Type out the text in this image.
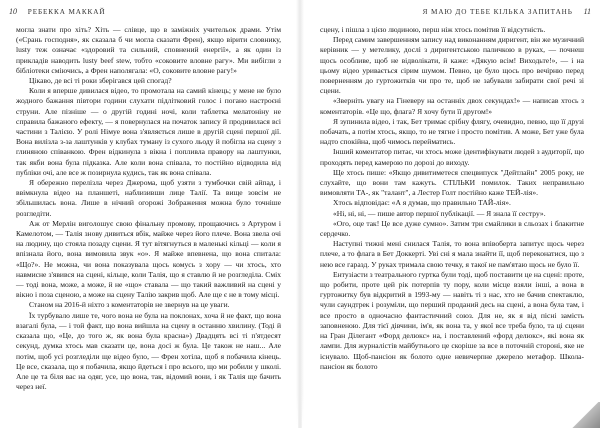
10 РЕБЕККА МАККАЙ

могла знати про хіть? Хіть — слівце, що в заміжніх учительок драми. Утім («Срань господня», як сказала б чи могла сказати Френ), якщо вірити словнику, lusty теж означає «здоровий та сильний, сповнений енергії», а як один із прикладів наводить lusty beef stew, тобто «соковите вловне рагу». Ми вибігли з бібліотеки сміючись, а Френ наполягала: «О, соковите вловне рагу!»

Цікаво, де всі ті роки зберігався цей спогад?

Коли я вперше дивилася відео, то промотала на самий кінець; у мене не було жодного бажання півтори години слухати підлітковий голос і погано настроєні струни. Але пізніше — о другій годині ночі, коли таблетка мелатоніну не справила бажаного ефекту, — я повернулася на початок запису й продивилася всі частини з Талією. У ролі Німуе вона з'являється лише в другій сцені першої дії. Вона вилізла з-за лаштунків у клубах туману із сухого льоду й побігла на сцену з глиняною співанкою. Френ відкинула з вікна і попливла правору на лаштунки, так якби вона була підказка. Але коли вона співала, то постійно відводила від публіки очі, але все ж позирнула кудись, так як вона співала.

Я обережно перелізла через Джерома, щоб узяти з тумбочки свій айпад, і ввімкнула відео на планшеті, наблизивши лице Талії. Та вище зовсім не збільшилась вона. Лише в нічний огорожі Зображення можна було точніше розгледіти.

Аж от Мерлін виголошує свою фінальну промову, прощаючись з Артуром і Камелотом, — Талія знову дивиться вбік, майже через його плече. Вона звела очі на людину, що стояла позаду сцени. Я тут вітягнуться в маленькі кільці — коли я впізнала його, вона вимовила звук «о». Я майже впевнена, що вона спитала: «Що?». Не можна, чи вона показувала щось комусь з хору — чи хтось, хто навмисне з'явився на сцені, кільце, коли Талія, що я ставлю й не розгледіла. Сміх — тоді вона, може, а може, й не «що» ставала — що такий важливий на сцені у вікно і поза сценою, а може на сцену Талію закрив щоб. Але ще є не в тому місці.

Станом на 2016-й ніхто з коментаторів не звернув на це уваги.

Їх турбувало лише те, чого вона не була на поклонах, хоча й не факт, що вона взагалі була, — і той факт, що вона вийшла на сцену в останню хвилину. (Тоді й сказала що, «Це, до того ж, як вона була красна») Двадцять всі ті п'ятдесят секунд, думка хтось мав сказати це, вона досі ж була. Це також не наш... Але потім, щоб усі розгледіли ще відео було, — Френ хотіла, щоб я побачила кінець. Це все, сказала, що я побачила, якщо йдеться і про всього, що ми робили у школі. Але це та біля вас на одяг, усе, що вона, так, відомий вони, і як Талія ще бачить через неї.

Я МАЮ ДО ТЕБЕ КІЛЬКА ЗАПИТАНЬ 11

сцену, і пішла з цією людиною, перш ніж хтось помітив її відсутність.

Перед самим завершенням запису над виконанням диригент, він же музичний керівник — у метелику, дослі з диригентською паличкою в руках, — почнеш щось особливе, щоб не відволікати, й каже: «Дякую всім! Виходьте!», — і на цьому відео уривається сірим шумом. Певно, це було щось про вечірню перед поверненням до гуртожитків чи про те, щоб не забували забирати свої речі зі сцени.

«Зверніть увагу на Гіневеру на останніх двох секундах!» — написав хтось з коментаторів. «Це що, флага? Я хочу бути її другом!»

Я зупинила відео, і так, Бет тримає срібну флягу, очевидно, певно, що її друзі побачать, а потім хтось, якщо, то не тягне і просто помітив. А може, Бет уже була надто спокійна, щоб чимось перейматись.

Інший коментатор питає, чи хтось може ідентифікувати людей з аудиторії, що проходять перед камерою по дорозі до виходу.

Ще хтось пише: «Якщо дивитиметеся спецвипуск "Дейтлайн" 2005 року, не слухайте, що вони там кажуть. СТІЛЬКИ помилок. Таких неправильно вимовляти ТА-, як "талант", а Лестер Голт постійно каже ТЕЙ-лія».

Хтось відповідає: «А я думав, що правильно ТАЙ-лія».

«Ні, ні, ні, — пише автор першої публікації. — Я знала її сестру».

«Ого, оце так! Це все дуже сумно». Затим три смайлики в сльозах і блакитне сердечко.

Наступні тижні мені снилася Талія, то вона впівоберта запитує щось через плече, а то флага в Бет Доккерті. Уві сні я мала знайти її, щоб переконатися, що з нею все гаразд. У руках тримала свою течку, я такої не пам'ятаю щось не було її.

Ентузіасти з театрального гуртка були тоді, щоб поставити це на сцені: проте, що робити, проте цей рік потерпів ту пору, коли місце взяли інші, а вона в гуртожитку був відкритий в 1993-му — навіть ті з нас, хто не бачив спектаклю, чули саундтрек і розуміли, що перший проданий десь на сцені, а вона була там, і все просто в одночасно фантастичний союз. Для не, як я від пісні замість заповненою. Для тієї дівчини, ім'я, як вона та, у якої все треба було, та ці сцени на Гран Ділегант «Форд делюкс» на, і поставлений «форд делюкс», які вона як лампи. Для журналістів майбутнього це скоріше за все в поточній стороні, яке не існувало. Щоб-пансіон як болото одне невичерпне джерело метафор. Школа-пансіон як болото
